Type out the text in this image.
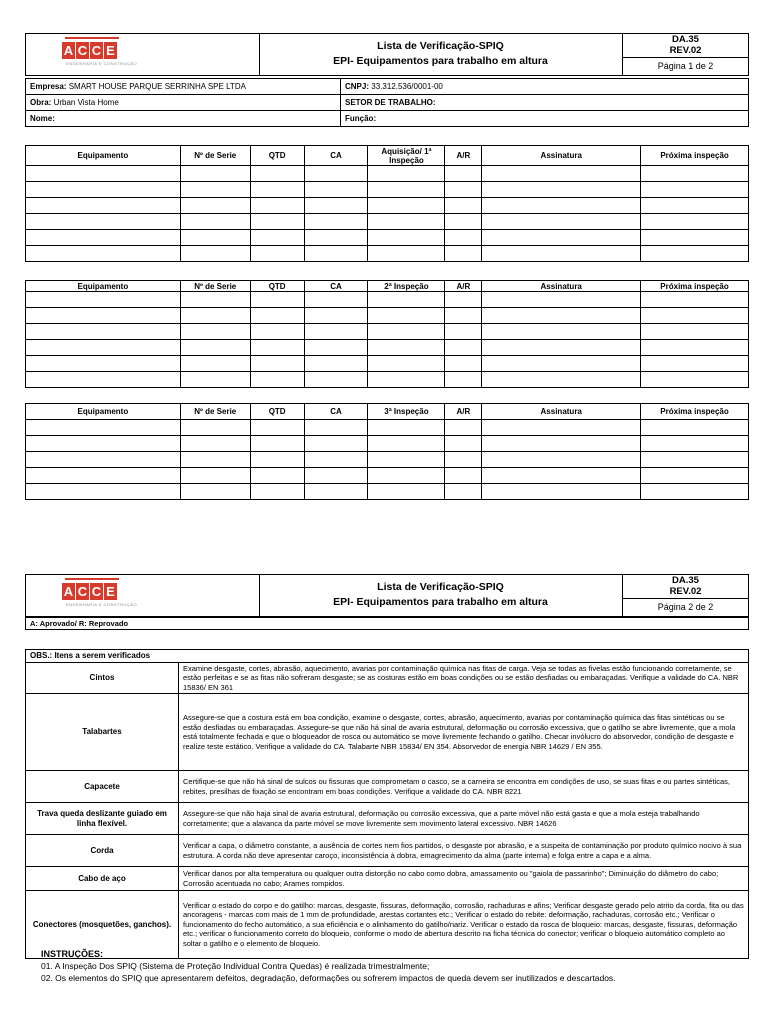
A C C E
ENGENHARIA E CONSTRUÇÃO
Lista de Verificação-SPIQ
EPI- Equipamentos para trabalho em altura
DA.35
REV.02
Página 1 de 2
Empresa: SMART HOUSE PARQUE SERRINHA SPE LTDA	CNPJ: 33.312.536/0001-00
Obra: Urban Vista Home	SETOR DE TRABALHO:
Nome:	Função:
Equipamento	Nº de Serie	QTD	CA	Aquisição/ 1ª Inspeção	A/R	Assinatura	Próxima inspeção

Equipamento	Nº de Serie	QTD	CA	2ª Inspeção	A/R	Assinatura	Próxima inspeção

Equipamento	Nº de Serie	QTD	CA	3ª Inspeção	A/R	Assinatura	Próxima inspeção

A C C E
ENGENHARIA E CONSTRUÇÃO
Lista de Verificação-SPIQ
EPI- Equipamentos para trabalho em altura
DA.35
REV.02
Página 2 de 2
A: Aprovado/ R: Reprovado
OBS.: Itens a serem verificados	
Cintos	Examine desgaste, cortes, abrasão, aquecimento, avarias por contaminação química nas fitas de carga. Veja se todas as fivelas estão funcionando corretamente, se estão perfeitas e se as fitas não sofreram desgaste; se as costuras estão em boas condições ou se estão desfiadas ou embaraçadas. Verifique a validade do CA. NBR 15836/ EN 361
Talabartes	Assegure-se que a costura está em boa condição, examine o desgaste, cortes, abrasão, aquecimento, avarias por contaminação química das fitas sintéticas ou se estão desfiadas ou embaraçadas. Assegure-se que não há sinal de avaria estrutural, deformação ou corrosão excessiva, que o gatilho se abre livremente, que a mola está totalmente fechada e que o bloqueador de rosca ou automático se move livremente fechando o gatilho. Checar invólucro do absorvedor, condição de desgaste e realize teste estático. Verifique a validade do CA. Talabarte NBR 15834/ EN 354. Absorvedor de energia NBR 14629 / EN 355.
Capacete	Certifique-se que não há sinal de sulcos ou fissuras que comprometam o casco, se a carneira se encontra em condições de uso, se suas fitas e ou partes sintéticas, rebites, presilhas de fixação se encontram em boas condições. Verifique a validade do CA. NBR 8221
Trava queda deslizante guiado em linha flexível.	Assegure-se que não haja sinal de avaria estrutural, deformação ou corrosão excessiva, que a parte móvel não está gasta e que a mola esteja trabalhando corretamente; que a alavanca da parte móvel se move livremente sem movimento lateral excessivo. NBR 14626
Corda	Verificar a capa, o diâmetro constante, a ausência de cortes nem fios partidos, o desgaste por abrasão, e a suspeita de contaminação por produto químico nocivo à sua estrutura. A corda não deve apresentar caroço, inconsistência à dobra, emagrecimento da alma (parte interna) e folga entre a capa e a alma.
Cabo de aço	Verificar danos por alta temperatura ou qualquer outra distorção no cabo como dobra, amassamento ou "gaiola de passarinho"; Diminuição do diâmetro do cabo; Corrosão acentuada no cabo; Arames rompidos.
Conectores (mosquetões, ganchos).	Verificar o estado do corpo e do gatilho: marcas, desgaste, fissuras, deformação, corrosão, rachaduras e afins; Verificar desgaste gerado pelo atrito da corda, fita ou das ancoragens - marcas com mais de 1 mm de profundidade, arestas cortantes etc.; Verificar o estado do rebite: deformação, rachaduras, corrosão etc.; Verificar o funcionamento do fecho automático, a sua eficiência e o alinhamento do gatilho/nariz. Verificar o estado da rosca de bloqueio: marcas, desgaste, fissuras, deformação etc.; verificar o funcionamento correto do bloqueio, conforme o modo de abertura descrito na ficha técnica do conector; verificar o bloqueio automático completo ao soltar o gatilho e o elemento de bloqueio.
INSTRUÇÕES:
01. A Inspeção Dos SPIQ (Sistema de Proteção Individual Contra Quedas) é realizada trimestralmente;
02. Os elementos do SPIQ que apresentarem defeitos, degradação, deformações ou sofrerem impactos de queda devem ser inutilizados e descartados.
